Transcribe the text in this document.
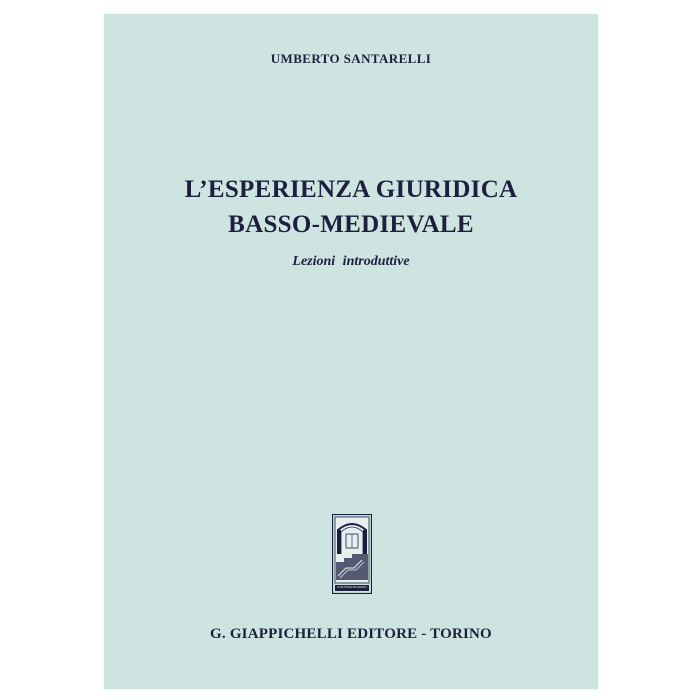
UMBERTO SANTARELLI
L’ESPERIENZA GIURIDICA
BASSO-MEDIEVALE
Lezioni introduttive
GIUSTITIAM DILIGENTIA
G. GIAPPICHELLI EDITORE - TORINO
